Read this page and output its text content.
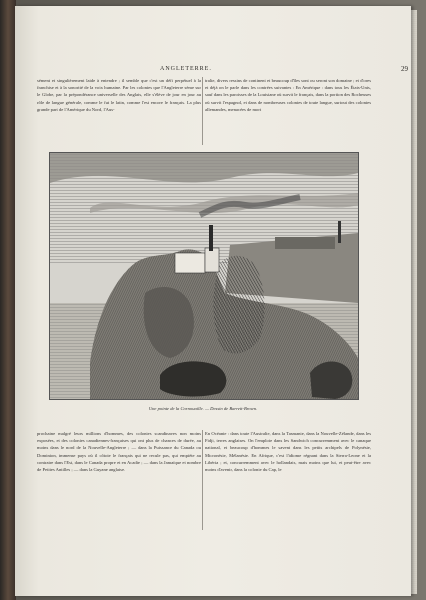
ANGLETERRE.	29

sément et singulièrement laide à entendre ; il semble que c'est un défi perpétuel à la franchise et à la sonorité de la voix humaine. Par les colonies que l'Angleterre sème sur le Globe, par la prépondérance universelle des Anglais, elle s'élève de jour en jour au rôle de langue générale, comme le fut le latin, comme l'est encore le français. La plus grande part de l'Amérique du Nord, l'Aus-

tralie, divers ressins de continent et beaucoup d'îles sont ou seront son domaine ; et d'ores et déjà on le parle dans les contrées suivantes : En Amérique : dans tous les États-Unis, sauf dans les paroisses de la Louisiane où survit le français, dans la portion des Rocheuses où survit l'espagnol, et dans de nombreuses colonies de toute langue, surtout des colonies allemandes, menacées de mort

Une pointe de la Cornouaille. — Dessin de Barrett-Brown.

prochaine malgré leurs millions d'hommes, des colonies scandinaves non moins exposées, et des colonies canadiennes-françaises qui ont plus de chances de durée, au moins dans le nord de la Nouvelle-Angleterre ; — dans la Puissance du Canada ou Dominion, immense pays où il côtoie le français qui ne recule pas, qui empiète au contraire dans l'Est, dans le Canada propre et en Acadie ; — dans la Jamaïque et nombre de Petites Antilles ; — dans la Guyane anglaise.

En Océanie : dans toute l'Australie, dans la Tasmanie, dans la Nouvelle-Zélande, dans les Fidji, terres anglaises. On l'emploie dans les Sandwich concurremment avec le canaque national, et beaucoup d'hommes le savent dans les petits archipels de Polynésie, Micronésie, Mélanésie. En Afrique, c'est l'idiome régnant dans la Sierra-Leone et la Libéria ; et, concurremment avec le hollandais, mais moins que lui, et peut-être avec moins d'avenir, dans la colonie du Cap, le
